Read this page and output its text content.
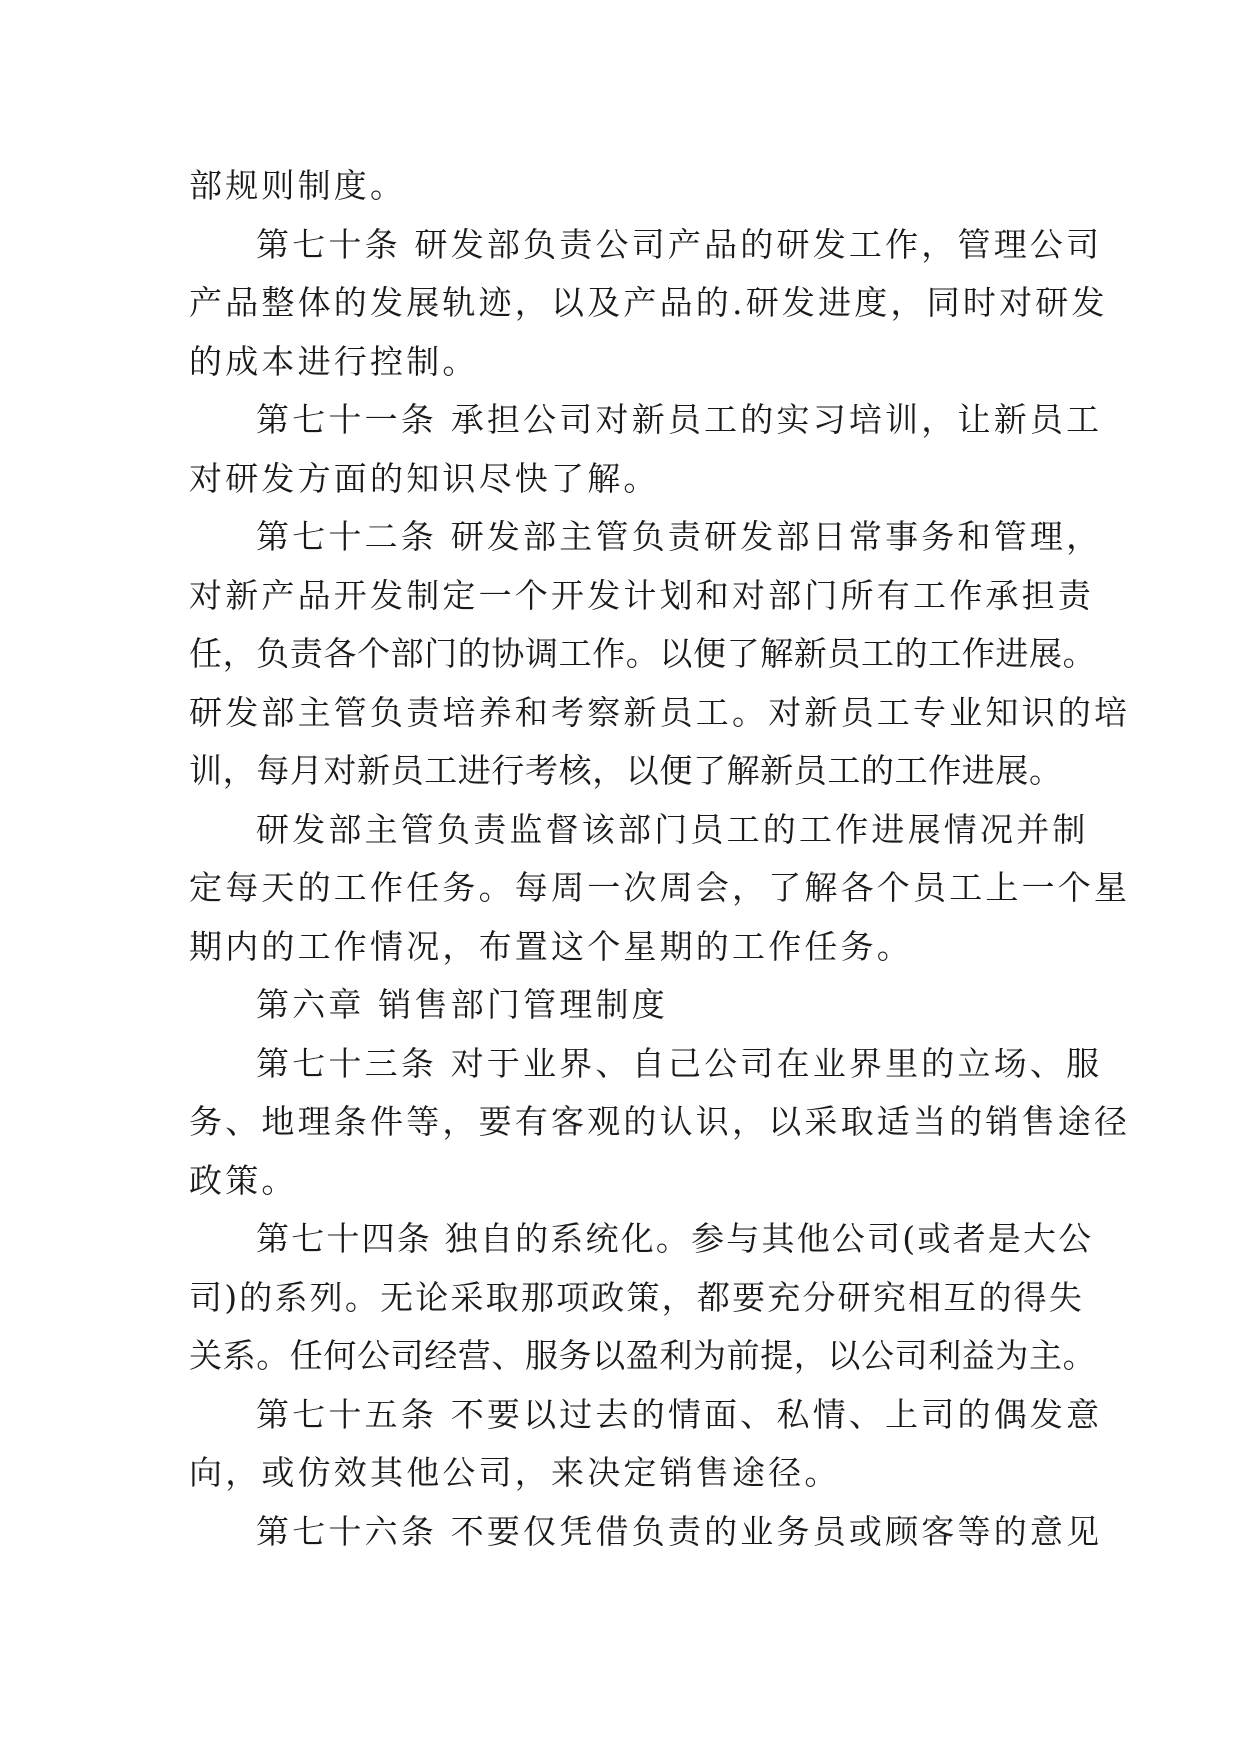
部规则制度。
第七十条 研发部负责公司产品的研发工作，管理公司
产品整体的发展轨迹，以及产品的.研发进度，同时对研发
的成本进行控制。
第七十一条 承担公司对新员工的实习培训，让新员工
对研发方面的知识尽快了解。
第七十二条 研发部主管负责研发部日常事务和管理，
对新产品开发制定一个开发计划和对部门所有工作承担责
任，负责各个部门的协调工作。以便了解新员工的工作进展。
研发部主管负责培养和考察新员工。对新员工专业知识的培
训，每月对新员工进行考核，以便了解新员工的工作进展。
研发部主管负责监督该部门员工的工作进展情况并制
定每天的工作任务。每周一次周会，了解各个员工上一个星
期内的工作情况，布置这个星期的工作任务。
第六章 销售部门管理制度
第七十三条 对于业界、自己公司在业界里的立场、服
务、地理条件等，要有客观的认识，以采取适当的销售途径
政策。
第七十四条 独自的系统化。参与其他公司(或者是大公
司)的系列。无论采取那项政策，都要充分研究相互的得失
关系。任何公司经营、服务以盈利为前提，以公司利益为主。
第七十五条 不要以过去的情面、私情、上司的偶发意
向，或仿效其他公司，来决定销售途径。
第七十六条 不要仅凭借负责的业务员或顾客等的意见
